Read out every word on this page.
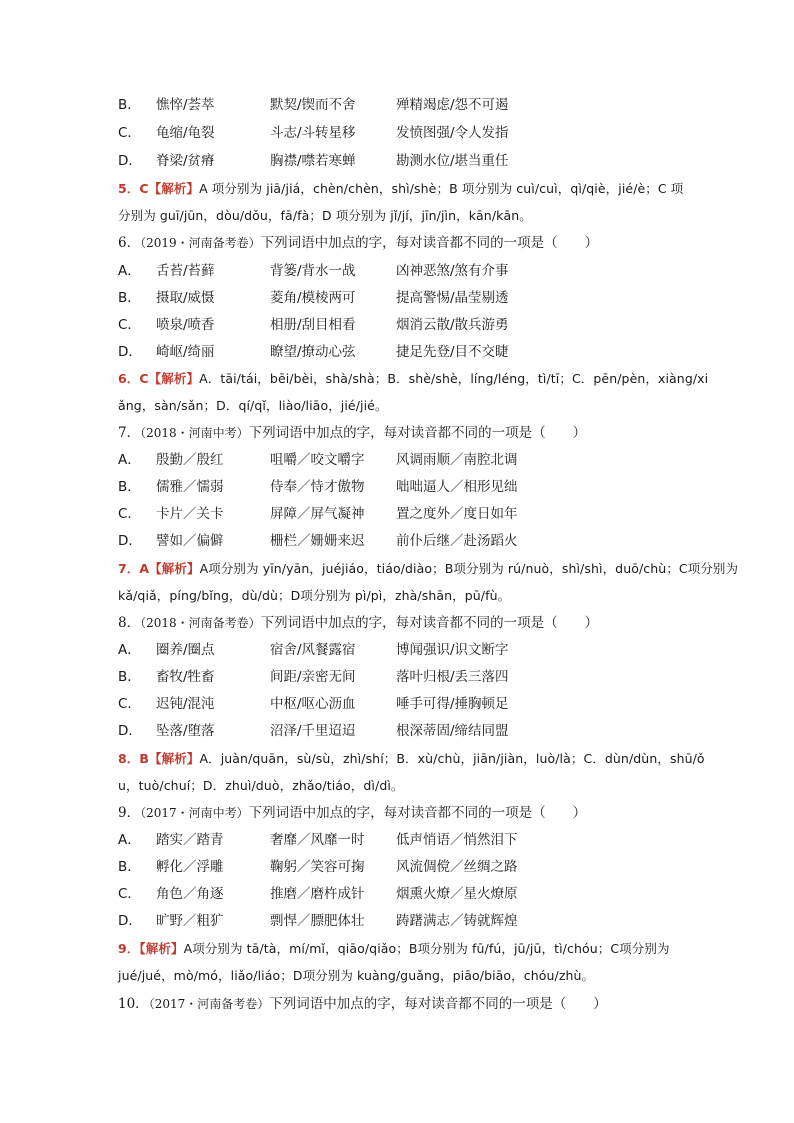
B． 憔悴/荟萃	默契/锲而不舍	殚精竭虑/怨不可遏
C． 龟缩/龟裂	斗志/斗转星移	发愤图强/令人发指
D． 脊梁/贫瘠	胸襟/噤若寒蝉	勘测水位/堪当重任
5．C【解析】A 项分别为 jiā/jiá，chèn/chèn，shì/shè；B 项分别为 cuì/cuì，qì/qiè，jié/è；C 项
分别为 guī/jūn，dòu/dǒu，fā/fà；D 项分别为 jǐ/jí，jīn/jìn，kān/kān。
6．（2019・河南备考卷）下列词语中加点的字，每对读音都不同的一项是（　　）
A． 舌苔/苔藓	背篓/背水一战	凶神恶煞/煞有介事
B． 摄取/威慑	菱角/模棱两可	提高警惕/晶莹剔透
C． 喷泉/喷香	相册/刮目相看	烟消云散/散兵游勇
D． 崎岖/绮丽	瞭望/撩动心弦	捷足先登/目不交睫
6．C【解析】A．tāi/tái，bēi/bèi，shà/shà；B．shè/shè，líng/léng，tì/tī；C．pēn/pèn，xiàng/xi
ǎng，sàn/sǎn；D．qí/qǐ，liào/liāo，jié/jié。
7．（2018・河南中考）下列词语中加点的字，每对读音都不同的一项是（　　）
A． 殷勤／殷红	咀嚼／咬文嚼字 风调雨顺／南腔北调
B． 儒雅／懦弱	侍奉／恃才傲物 咄咄逼人／相形见绌
C． 卡片／关卡	屏障／屏气凝神 置之度外／度日如年
D． 譬如／偏僻	栅栏／姗姗来迟 前仆后继／赴汤蹈火
7．A【解析】A项分别为 yīn/yān，juéjiáo，tiáo/diào；B项分别为 rú/nuò，shì/shì，duō/chù；C项分别为
kǎ/qiǎ，píng/bǐng，dù/dù；D项分别为 pì/pì，zhà/shān，pū/fù。
8．（2018・河南备考卷）下列词语中加点的字，每对读音都不同的一项是（　　）
A． 圈养/圈点	宿舍/风餐露宿	博闻强识/识文断字
B． 畜牧/牲畜	间距/亲密无间	落叶归根/丢三落四
C． 迟钝/混沌	中枢/呕心沥血	唾手可得/捶胸顿足
D． 坠落/堕落	沼泽/千里迢迢	根深蒂固/缔结同盟
8．B【解析】A．juàn/quān，sù/sù，zhì/shí；B．xù/chù，jiān/jiàn，luò/là；C．dùn/dùn，shū/ǒ
u，tuò/chuí；D．zhuì/duò，zhǎo/tiáo，dì/dì。
9．（2017・河南中考）下列词语中加点的字，每对读音都不同的一项是（　　）
A． 踏实／踏青	奢靡／风靡一时 低声悄语／悄然泪下
B． 孵化／浮雕	鞠躬／笑容可掬 风流倜傥／丝绸之路
C． 角色／角逐	推磨／磨杵成针 烟熏火燎／星火燎原
D． 旷野／粗犷	剽悍／膘肥体壮 踌躇满志／铸就辉煌
9．【解析】A项分别为 tā/tà，mí/mǐ，qiāo/qiǎo；B项分别为 fū/fú，jū/jū，tì/chóu；C项分别为
jué/jué，mò/mó，liǎo/liáo；D项分别为 kuàng/guǎng，piāo/biāo，chóu/zhù。
10．（2017・河南备考卷）下列词语中加点的字，每对读音都不同的一项是（　　）
